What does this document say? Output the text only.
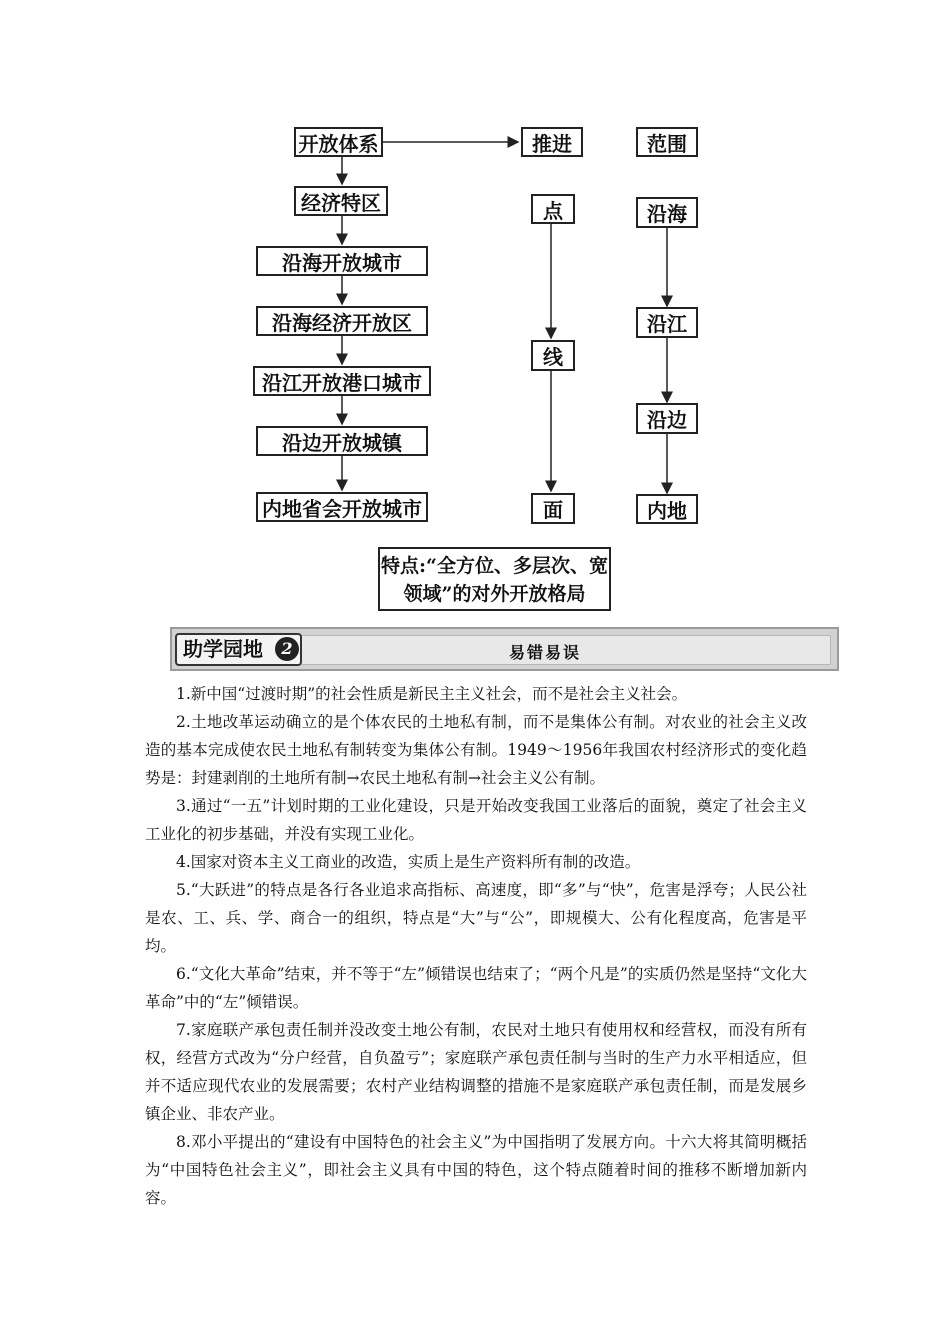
开放体系
经济特区
沿海开放城市
沿海经济开放区
沿江开放港口城市
沿边开放城镇
内地省会开放城市
推进
点
线
面
范围
沿海
沿江
沿边
内地
特点:“全方位、多层次、宽
领域”的对外开放格局
助学园地	2	易错易误

1.新中国“过渡时期”的社会性质是新民主主义社会，而不是社会主义社会。

2.土地改革运动确立的是个体农民的土地私有制，而不是集体公有制。对农业的社会主义改造的基本完成使农民土地私有制转变为集体公有制。1949～1956年我国农村经济形式的变化趋势是：封建剥削的土地所有制→农民土地私有制→社会主义公有制。

3.通过“一五”计划时期的工业化建设，只是开始改变我国工业落后的面貌，奠定了社会主义工业化的初步基础，并没有实现工业化。

4.国家对资本主义工商业的改造，实质上是生产资料所有制的改造。

5.“大跃进”的特点是各行各业追求高指标、高速度，即“多”与“快”，危害是浮夸；人民公社是农、工、兵、学、商合一的组织，特点是“大”与“公”，即规模大、公有化程度高，危害是平均。

6.“文化大革命”结束，并不等于“左”倾错误也结束了；“两个凡是”的实质仍然是坚持“文化大革命”中的“左”倾错误。

7.家庭联产承包责任制并没改变土地公有制，农民对土地只有使用权和经营权，而没有所有权，经营方式改为“分户经营，自负盈亏”；家庭联产承包责任制与当时的生产力水平相适应，但并不适应现代农业的发展需要；农村产业结构调整的措施不是家庭联产承包责任制，而是发展乡镇企业、非农产业。

8.邓小平提出的“建设有中国特色的社会主义”为中国指明了发展方向。十六大将其简明概括为“中国特色社会主义”，即社会主义具有中国的特色，这个特点随着时间的推移不断增加新内容。
